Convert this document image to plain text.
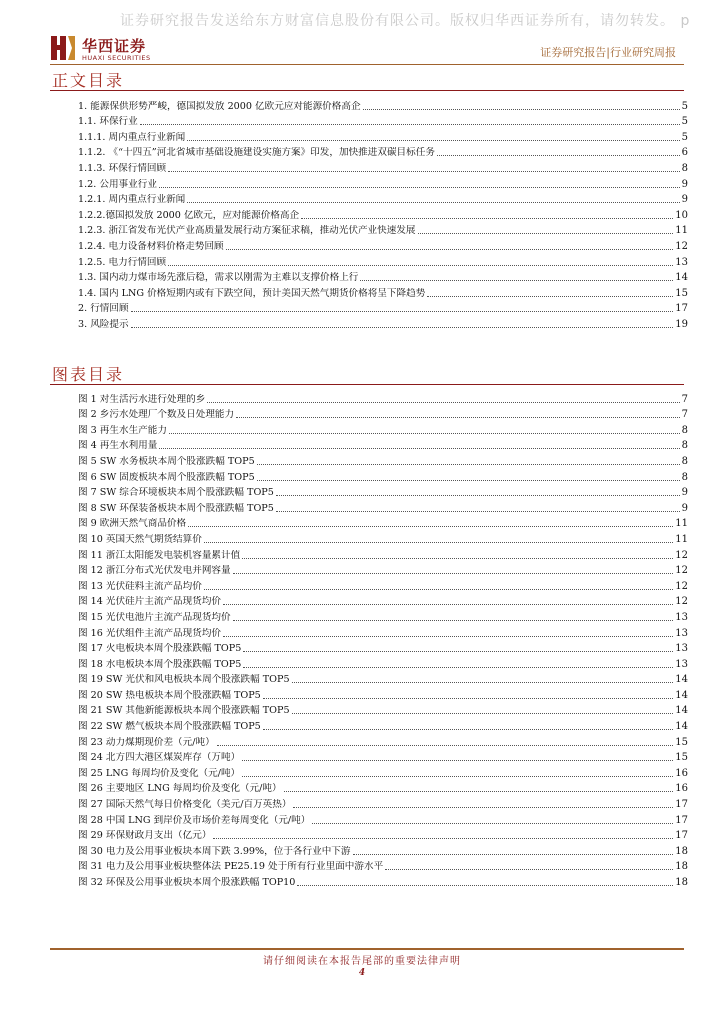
证券研究报告发送给东方财富信息股份有限公司。版权归华西证券所有，请勿转发。 p
华西证券
HUAXI SECURITIES	证券研究报告|行业研究周报
正文目录
1. 能源保供形势严峻，德国拟发放 2000 亿欧元应对能源价格高企	5
1.1. 环保行业	5
1.1.1. 周内重点行业新闻	5
1.1.2. 《“十四五”河北省城市基础设施建设实施方案》印发，加快推进双碳目标任务	6
1.1.3. 环保行情回顾	8
1.2. 公用事业行业	9
1.2.1. 周内重点行业新闻	9
1.2.2.德国拟发放 2000 亿欧元，应对能源价格高企	10
1.2.3. 浙江省发布光伏产业高质量发展行动方案征求稿，推动光伏产业快速发展	11
1.2.4. 电力设备材料价格走势回顾	12
1.2.5. 电力行情回顾	13
1.3. 国内动力煤市场先涨后稳，需求以刚需为主难以支撑价格上行	14
1.4. 国内 LNG 价格短期内或有下跌空间，预计美国天然气期货价格将呈下降趋势	15
2. 行情回顾	17
3. 风险提示	19
图表目录
图 1 对生活污水进行处理的乡	7
图 2 乡污水处理厂个数及日处理能力	7
图 3 再生水生产能力	8
图 4 再生水利用量	8
图 5 SW 水务板块本周个股涨跌幅 TOP5	8
图 6 SW 固废板块本周个股涨跌幅 TOP5	8
图 7 SW 综合环境板块本周个股涨跌幅 TOP5	9
图 8 SW 环保装备板块本周个股涨跌幅 TOP5	9
图 9 欧洲天然气商品价格	11
图 10 英国天然气期货结算价	11
图 11 浙江太阳能发电装机容量累计值	12
图 12 浙江分布式光伏发电并网容量	12
图 13 光伏硅料主流产品均价	12
图 14 光伏硅片主流产品现货均价	12
图 15 光伏电池片主流产品现货均价	13
图 16 光伏组件主流产品现货均价	13
图 17 火电板块本周个股涨跌幅 TOP5	13
图 18 水电板块本周个股涨跌幅 TOP5	13
图 19 SW 光伏和风电板块本周个股涨跌幅 TOP5	14
图 20 SW 热电板块本周个股涨跌幅 TOP5	14
图 21 SW 其他新能源板块本周个股涨跌幅 TOP5	14
图 22 SW 燃气板块本周个股涨跌幅 TOP5	14
图 23 动力煤期现价差（元/吨）	15
图 24 北方四大港区煤炭库存（万吨）	15
图 25 LNG 每周均价及变化（元/吨）	16
图 26 主要地区 LNG 每周均价及变化（元/吨）	16
图 27 国际天然气每日价格变化（美元/百万英热）	17
图 28 中国 LNG 到岸价及市场价差每周变化（元/吨）	17
图 29 环保财政月支出（亿元）	17
图 30 电力及公用事业板块本周下跌 3.99%，位于各行业中下游	18
图 31 电力及公用事业板块整体法 PE25.19 处于所有行业里面中游水平	18
图 32 环保及公用事业板块本周个股涨跌幅 TOP10	18
请仔细阅读在本报告尾部的重要法律声明
4
